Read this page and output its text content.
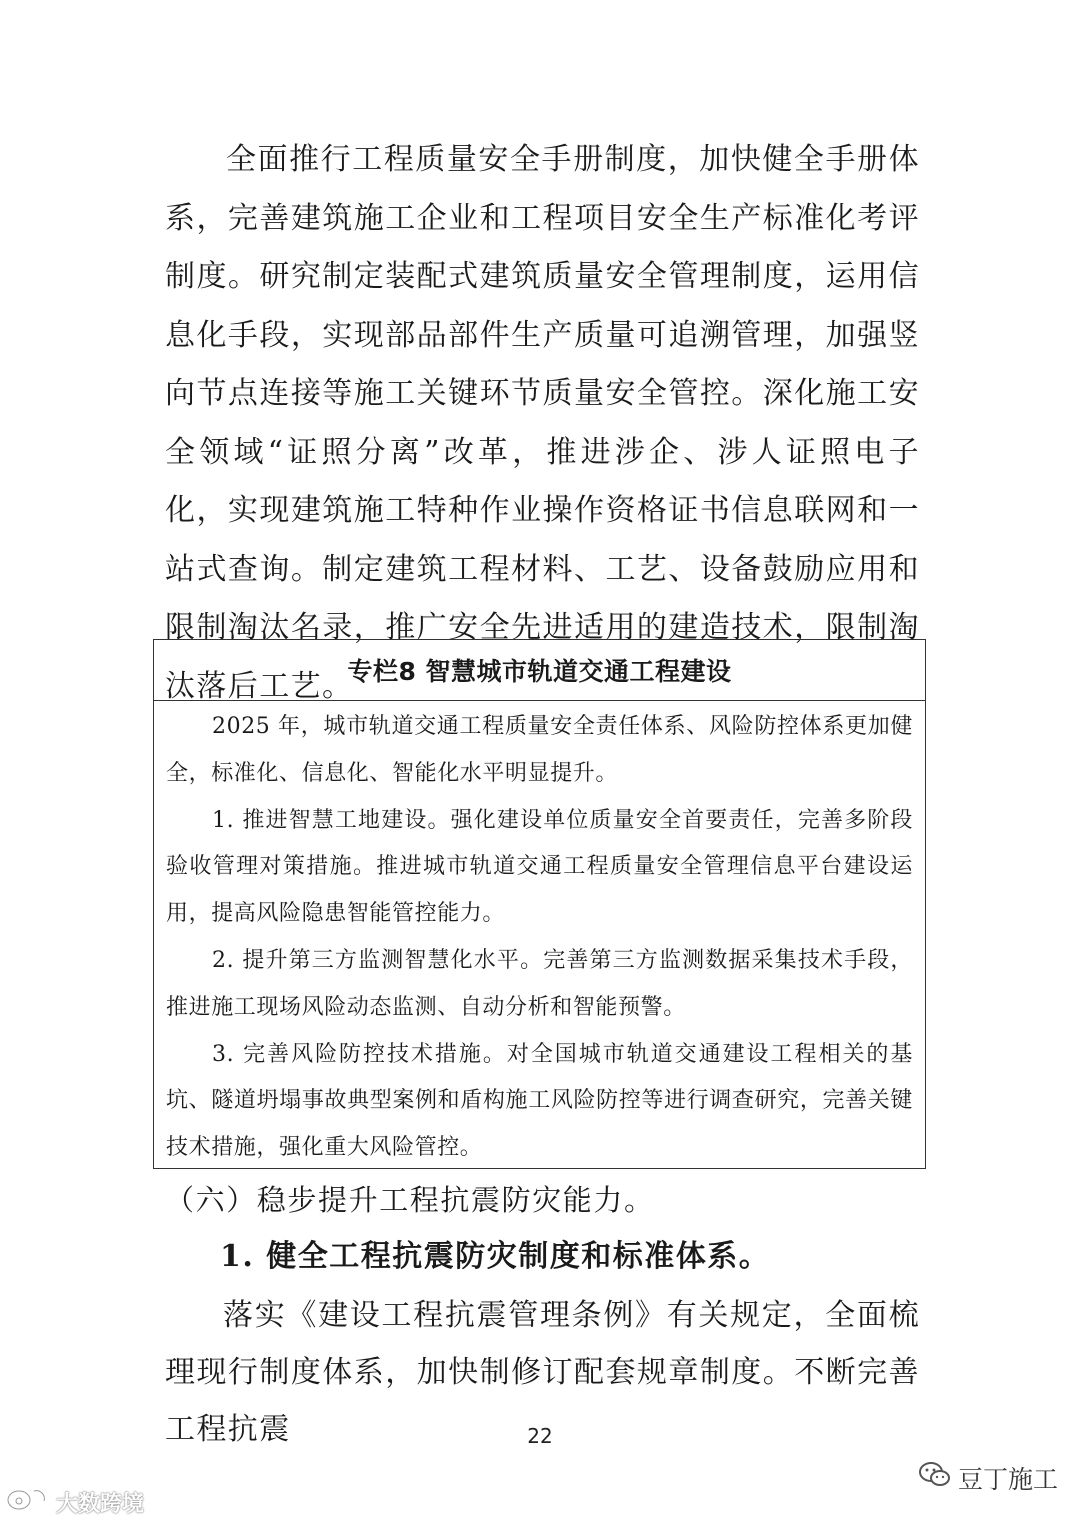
全面推行工程质量安全手册制度，加快健全手册体系，完善建筑施工企业和工程项目安全生产标准化考评制度。研究制定装配式建筑质量安全管理制度，运用信息化手段，实现部品部件生产质量可追溯管理，加强竖向节点连接等施工关键环节质量安全管控。深化施工安全领域“证照分离”改革，推进涉企、涉人证照电子化，实现建筑施工特种作业操作资格证书信息联网和一站式查询。制定建筑工程材料、工艺、设备鼓励应用和限制淘汰名录，推广安全先进适用的建造技术，限制淘汰落后工艺。

专栏8 智慧城市轨道交通工程建设

2025 年，城市轨道交通工程质量安全责任体系、风险防控体系更加健全，标准化、信息化、智能化水平明显提升。

1. 推进智慧工地建设。强化建设单位质量安全首要责任，完善多阶段验收管理对策措施。推进城市轨道交通工程质量安全管理信息平台建设运用，提高风险隐患智能管控能力。

2. 提升第三方监测智慧化水平。完善第三方监测数据采集技术手段，推进施工现场风险动态监测、自动分析和智能预警。

3. 完善风险防控技术措施。对全国城市轨道交通建设工程相关的基坑、隧道坍塌事故典型案例和盾构施工风险防控等进行调查研究，完善关键技术措施，强化重大风险管控。

（六）稳步提升工程抗震防灾能力。

1. 健全工程抗震防灾制度和标准体系。

落实《建设工程抗震管理条例》有关规定，全面梳理现行制度体系，加快制修订配套规章制度。不断完善工程抗震	22
大数跨境
豆丁施工
